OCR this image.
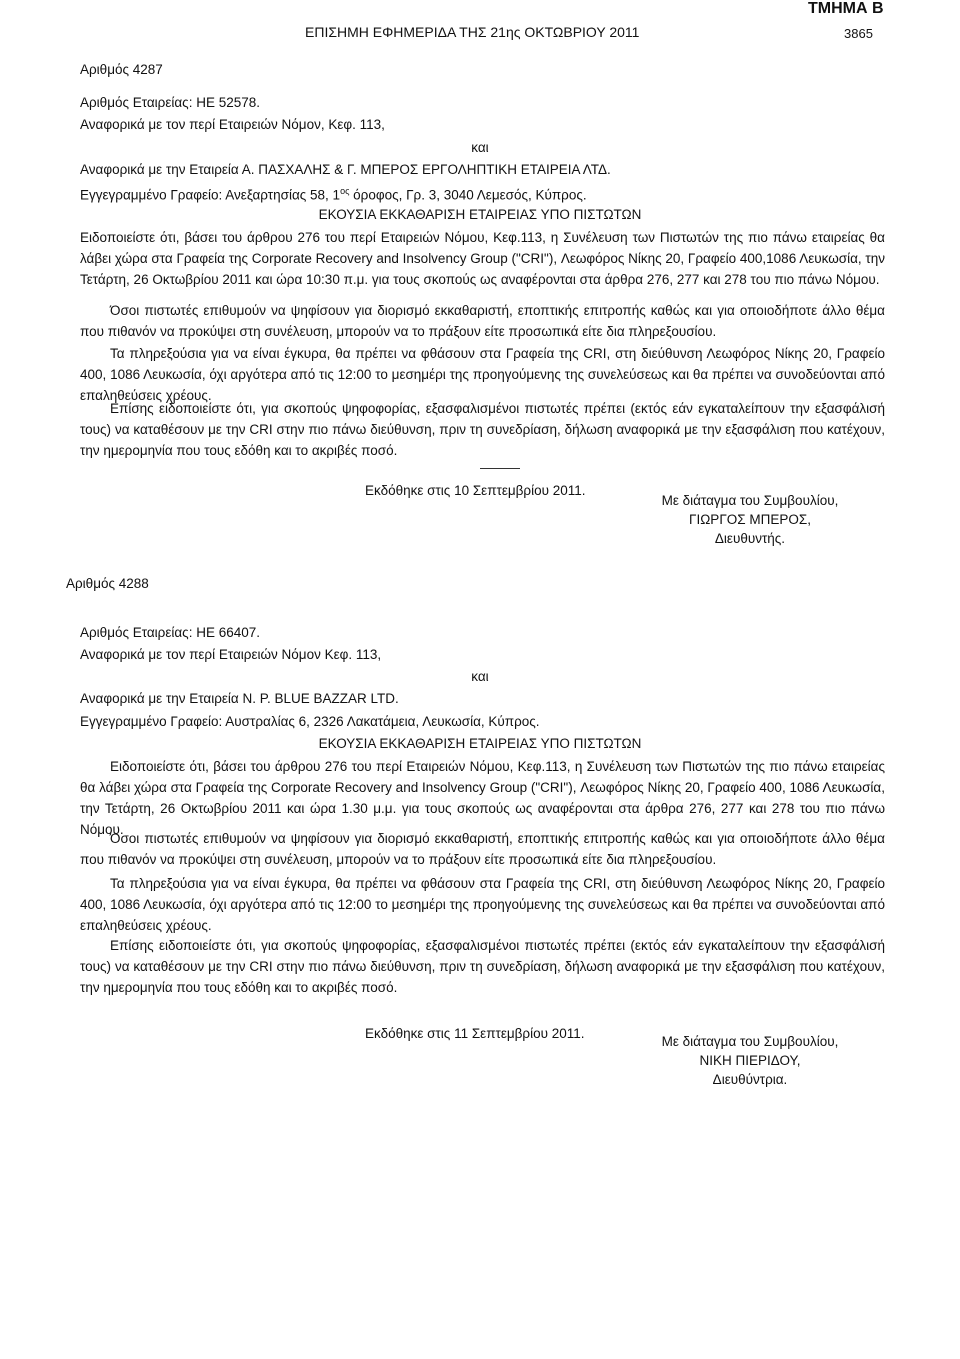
ΕΠΙΣΗΜΗ ΕΦΗΜΕΡΙΔΑ ΤΗΣ 21ης ΟΚΤΩΒΡΙΟΥ 2011
ΤΜΗΜΑ Β
3865
Αριθμός 4287
Αριθμός Εταιρείας: ΗΕ 52578.
Αναφορικά με τον περί Εταιρειών Νόμον, Κεφ. 113,
και
Αναφορικά με την Εταιρεία Α. ΠΑΣΧΑΛΗΣ & Γ. ΜΠΕΡΟΣ ΕΡΓΟΛΗΠΤΙΚΗ ΕΤΑΙΡΕΙΑ ΛΤΔ.
Εγγεγραμμένο Γραφείο: Ανεξαρτησίας 58, $1^{o\varsigma}$ όροφος, Γρ. 3, 3040 Λεμεσός, Κύπρος.
ΕΚΟΥΣΙΑ ΕΚΚΑΘΑΡΙΣΗ ΕΤΑΙΡΕΙΑΣ ΥΠΟ ΠΙΣΤΩΤΩΝ
Ειδοποιείστε ότι, βάσει του άρθρου 276 του περί Εταιρειών Νόμου, Κεφ.113, η Συνέλευση των Πιστωτών της πιο πάνω εταιρείας θα λάβει χώρα στα Γραφεία της Corporate Recovery and Insolvency Group ("CRI"), Λεωφόρος Νίκης 20, Γραφείο 400,1086 Λευκωσία, την Τετάρτη, 26 Οκτωβρίου 2011 και ώρα 10:30 π.μ. για τους σκοπούς ως αναφέρονται στα άρθρα 276, 277 και 278 του πιο πάνω Νόμου.
Όσοι πιστωτές επιθυμούν να ψηφίσουν για διορισμό εκκαθαριστή, εποπτικής επιτροπής καθώς και για οποιοδήποτε άλλο θέμα που πιθανόν να προκύψει στη συνέλευση, μπορούν να το πράξουν είτε προσωπικά είτε δια πληρεξουσίου.
Τα πληρεξούσια για να είναι έγκυρα, θα πρέπει να φθάσουν στα Γραφεία της CRI, στη διεύθυνση Λεωφόρος Νίκης 20, Γραφείο 400, 1086 Λευκωσία, όχι αργότερα από τις 12:00 το μεσημέρι της προηγούμενης της συνελεύσεως και θα πρέπει να συνοδεύονται από επαληθεύσεις χρέους.
Επίσης ειδοποιείστε ότι, για σκοπούς ψηφοφορίας, εξασφαλισμένοι πιστωτές πρέπει (εκτός εάν εγκαταλείπουν την εξασφάλισή τους) να καταθέσουν με την CRI στην πιο πάνω διεύθυνση, πριν τη συνεδρίαση, δήλωση αναφορικά με την εξασφάλιση που κατέχουν, την ημερομηνία που τους εδόθη και το ακριβές ποσό.
Εκδόθηκε στις 10 Σεπτεμβρίου 2011.
Με διάταγμα του Συμβουλίου,
ΓΙΩΡΓΟΣ ΜΠΕΡΟΣ,
Διευθυντής.
Αριθμός 4288
Αριθμός Εταιρείας: ΗΕ 66407.
Αναφορικά με τον περί Εταιρειών Νόμον Κεφ. 113,
και
Αναφορικά με την Εταιρεία Ν. Ρ. BLUE BAZZAR LTD.
Εγγεγραμμένο Γραφείο: Αυστραλίας 6, 2326 Λακατάμεια, Λευκωσία, Κύπρος.
ΕΚΟΥΣΙΑ ΕΚΚΑΘΑΡΙΣΗ ΕΤΑΙΡΕΙΑΣ ΥΠΟ ΠΙΣΤΩΤΩΝ
Ειδοποιείστε ότι, βάσει του άρθρου 276 του περί Εταιρειών Νόμου, Κεφ.113, η Συνέλευση των Πιστωτών της πιο πάνω εταιρείας θα λάβει χώρα στα Γραφεία της Corporate Recovery and Insolvency Group ("CRI"), Λεωφόρος Νίκης 20, Γραφείο 400, 1086 Λευκωσία, την Τετάρτη, 26 Οκτωβρίου 2011 και ώρα 1.30 μ.μ. για τους σκοπούς ως αναφέρονται στα άρθρα 276, 277 και 278 του πιο πάνω Νόμου.
Όσοι πιστωτές επιθυμούν να ψηφίσουν για διορισμό εκκαθαριστή, εποπτικής επιτροπής καθώς και για οποιοδήποτε άλλο θέμα που πιθανόν να προκύψει στη συνέλευση, μπορούν να το πράξουν είτε προσωπικά είτε δια πληρεξουσίου.
Τα πληρεξούσια για να είναι έγκυρα, θα πρέπει να φθάσουν στα Γραφεία της CRI, στη διεύθυνση Λεωφόρος Νίκης 20, Γραφείο 400, 1086 Λευκωσία, όχι αργότερα από τις 12:00 το μεσημέρι της προηγούμενης της συνελεύσεως και θα πρέπει να συνοδεύονται από επαληθεύσεις χρέους.
Επίσης ειδοποιείστε ότι, για σκοπούς ψηφοφορίας, εξασφαλισμένοι πιστωτές πρέπει (εκτός εάν εγκαταλείπουν την εξασφάλισή τους) να καταθέσουν με την CRI στην πιο πάνω διεύθυνση, πριν τη συνεδρίαση, δήλωση αναφορικά με την εξασφάλιση που κατέχουν, την ημερομηνία που τους εδόθη και το ακριβές ποσό.
Εκδόθηκε στις 11 Σεπτεμβρίου 2011.
Με διάταγμα του Συμβουλίου,
ΝΙΚΗ ΠΙΕΡΙΔΟΥ,
Διευθύντρια.
